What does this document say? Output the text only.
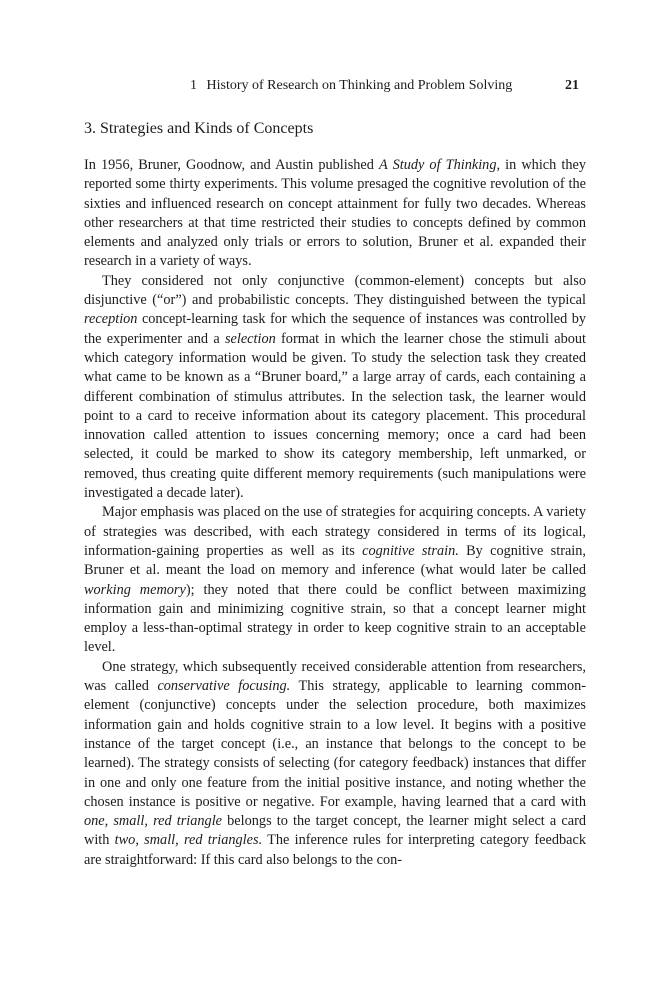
1 History of Research on Thinking and Problem Solving	21
3. Strategies and Kinds of Concepts

In 1956, Bruner, Goodnow, and Austin published A Study of Thinking, in which they reported some thirty experiments. This volume presaged the cognitive revolution of the sixties and influenced research on concept attainment for fully two decades. Whereas other researchers at that time restricted their studies to concepts defined by common elements and analyzed only trials or errors to solution, Bruner et al. expanded their research in a variety of ways.

They considered not only conjunctive (common-element) concepts but also disjunctive (“or”) and probabilistic concepts. They distinguished between the typical reception concept-learning task for which the sequence of instances was controlled by the experimenter and a selection format in which the learner chose the stimuli about which category information would be given. To study the selection task they created what came to be known as a “Bruner board,” a large array of cards, each containing a different combination of stimulus attributes. In the selection task, the learner would point to a card to receive information about its category placement. This procedural innovation called attention to issues concerning memory; once a card had been selected, it could be marked to show its category membership, left unmarked, or removed, thus creating quite different memory requirements (such manipulations were investigated a decade later).

Major emphasis was placed on the use of strategies for acquiring concepts. A variety of strategies was described, with each strategy considered in terms of its logical, information-gaining properties as well as its cognitive strain. By cognitive strain, Bruner et al. meant the load on memory and inference (what would later be called working memory); they noted that there could be conflict between maximizing information gain and minimizing cognitive strain, so that a concept learner might employ a less-than-optimal strategy in order to keep cognitive strain to an acceptable level.

One strategy, which subsequently received considerable attention from researchers, was called conservative focusing. This strategy, applicable to learning common-element (conjunctive) concepts under the selection procedure, both maximizes information gain and holds cognitive strain to a low level. It begins with a positive instance of the target concept (i.e., an instance that belongs to the concept to be learned). The strategy consists of selecting (for category feedback) instances that differ in one and only one feature from the initial positive instance, and noting whether the chosen instance is positive or negative. For example, having learned that a card with one, small, red triangle belongs to the target concept, the learner might select a card with two, small, red triangles. The inference rules for interpreting category feedback are straightforward: If this card also belongs to the con-
